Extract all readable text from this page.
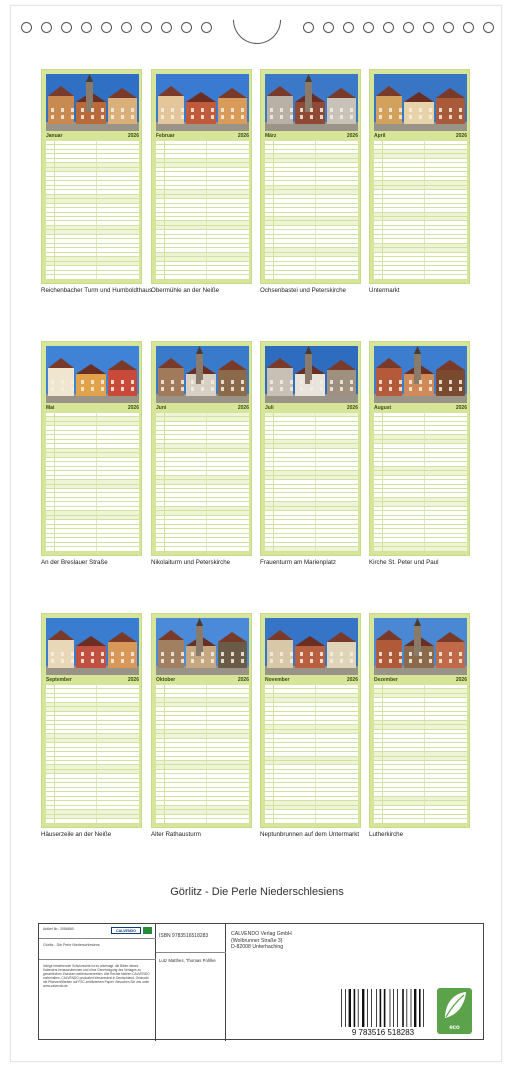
Januar	2026
Reichenbacher Turm und Humboldthaus
Februar	2026
Obermühle an der Neiße
März	2026
Ochsenbastei und Peterskirche
April	2026
Untermarkt
Mai	2026
An der Breslauer Straße
Juni	2026
Nikolaiturm und Peterskirche
Juli	2026
Frauenturm am Marienplatz
August	2026
Kirche St. Peter und Paul
September	2026
Häuserzeile an der Neiße
Oktober	2026
Alter Rathausturm
November	2026
Neptunbrunnen auf dem Untermarkt
Dezember	2026
Lutherkirche
Görlitz - Die Perle Niederschlesiens
Artikel Nr.: 2086860	CALVENDO
Görlitz - Die Perle Niederschlesiens
Infolge bestehender Schutzrechte ist es untersagt, die Bilder dieses Kalenders herauszutrennen und ohne Genehmigung des Verlages zu gewerblichen Zwecken weiterzuverbreiten. Alle Rechte bleiben CALVENDO vorbehalten. CALVENDO produziert klimaneutral in Deutschland. Gedruckt mit Pflanzenölfarben auf FSC-zertifiziertem Papier. Besuchen Sie uns unter www.calvendo.de
ISBN 9783516518283
Lutz Matthes, Thomas Pohlke
CALVENDO Verlag GmbH
(Wolbrunner Straße 3)
D-82008 Unterhaching
9 783516 518283	eco
